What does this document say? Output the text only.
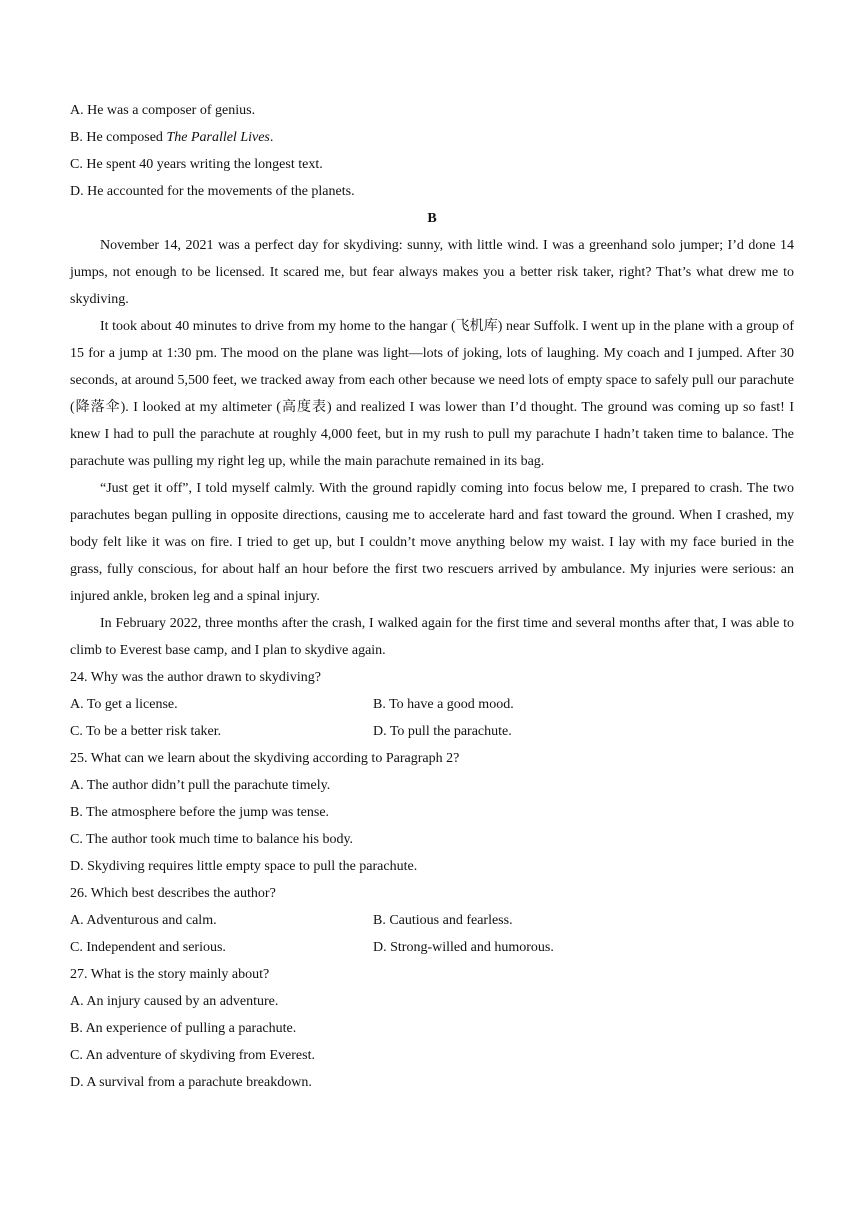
A. He was a composer of genius.
B. He composed The Parallel Lives.
C. He spent 40 years writing the longest text.
D. He accounted for the movements of the planets.
B

November 14, 2021 was a perfect day for skydiving: sunny, with little wind. I was a greenhand solo jumper; I’d done 14 jumps, not enough to be licensed. It scared me, but fear always makes you a better risk taker, right? That’s what drew me to skydiving.

It took about 40 minutes to drive from my home to the hangar (飞机库) near Suffolk. I went up in the plane with a group of 15 for a jump at 1:30 pm. The mood on the plane was light—lots of joking, lots of laughing. My coach and I jumped. After 30 seconds, at around 5,500 feet, we tracked away from each other because we need lots of empty space to safely pull our parachute (降落伞). I looked at my altimeter (高度表) and realized I was lower than I’d thought. The ground was coming up so fast! I knew I had to pull the parachute at roughly 4,000 feet, but in my rush to pull my parachute I hadn’t taken time to balance. The parachute was pulling my right leg up, while the main parachute remained in its bag.

“Just get it off”, I told myself calmly. With the ground rapidly coming into focus below me, I prepared to crash. The two parachutes began pulling in opposite directions, causing me to accelerate hard and fast toward the ground. When I crashed, my body felt like it was on fire. I tried to get up, but I couldn’t move anything below my waist. I lay with my face buried in the grass, fully conscious, for about half an hour before the first two rescuers arrived by ambulance. My injuries were serious: an injured ankle, broken leg and a spinal injury.

In February 2022, three months after the crash, I walked again for the first time and several months after that, I was able to climb to Everest base camp, and I plan to skydive again.

24. Why was the author drawn to skydiving?
A. To get a license.	B. To have a good mood.
C. To be a better risk taker.	D. To pull the parachute.
25. What can we learn about the skydiving according to Paragraph 2?
A. The author didn’t pull the parachute timely.
B. The atmosphere before the jump was tense.
C. The author took much time to balance his body.
D. Skydiving requires little empty space to pull the parachute.
26. Which best describes the author?
A. Adventurous and calm.	B. Cautious and fearless.
C. Independent and serious.	D. Strong-willed and humorous.
27. What is the story mainly about?
A. An injury caused by an adventure.
B. An experience of pulling a parachute.
C. An adventure of skydiving from Everest.
D. A survival from a parachute breakdown.
